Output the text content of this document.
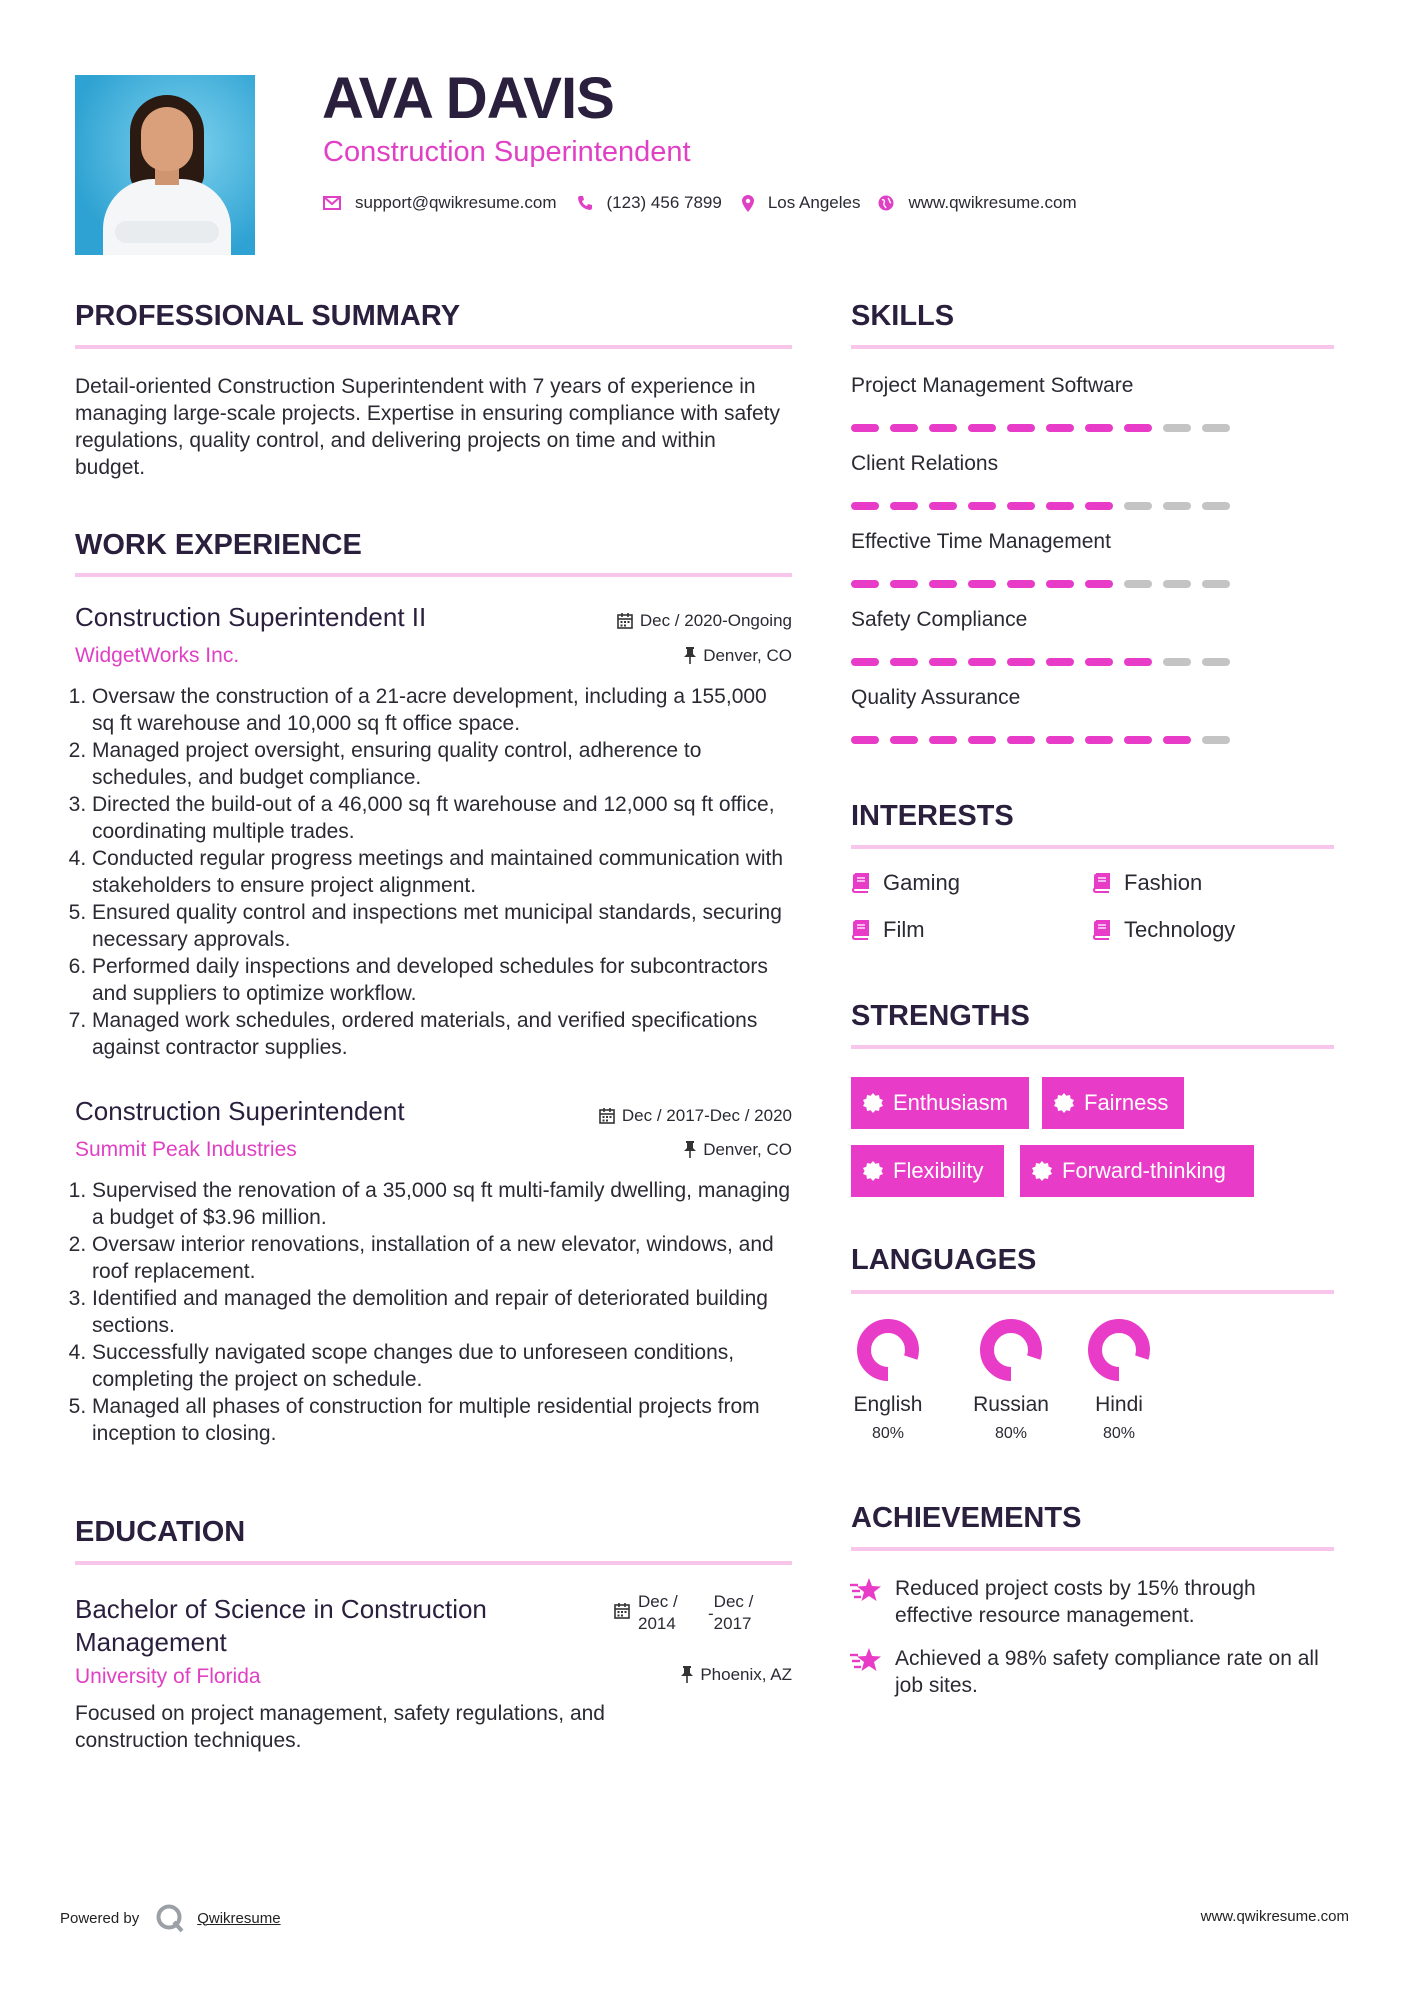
AVA DAVIS
Construction Superintendent
support@qwikresume.com	(123) 456 7899	Los Angeles	www.qwikresume.com
PROFESSIONAL SUMMARY
Detail-oriented Construction Superintendent with 7 years of experience in managing large-scale projects. Expertise in ensuring compliance with safety regulations, quality control, and delivering projects on time and within budget.
WORK EXPERIENCE
Construction Superintendent II	Dec / 2020-Ongoing
WidgetWorks Inc.	Denver, CO
1. Oversaw the construction of a 21-acre development, including a 155,000 sq ft warehouse and 10,000 sq ft office space.
2. Managed project oversight, ensuring quality control, adherence to schedules, and budget compliance.
3. Directed the build-out of a 46,000 sq ft warehouse and 12,000 sq ft office, coordinating multiple trades.
4. Conducted regular progress meetings and maintained communication with stakeholders to ensure project alignment.
5. Ensured quality control and inspections met municipal standards, securing necessary approvals.
6. Performed daily inspections and developed schedules for subcontractors and suppliers to optimize workflow.
7. Managed work schedules, ordered materials, and verified specifications against contractor supplies.
Construction Superintendent	Dec / 2017-Dec / 2020
Summit Peak Industries	Denver, CO
1. Supervised the renovation of a 35,000 sq ft multi-family dwelling, managing a budget of $3.96 million.
2. Oversaw interior renovations, installation of a new elevator, windows, and roof replacement.
3. Identified and managed the demolition and repair of deteriorated building sections.
4. Successfully navigated scope changes due to unforeseen conditions, completing the project on schedule.
5. Managed all phases of construction for multiple residential projects from inception to closing.
EDUCATION
Bachelor of Science in Construction Management
Dec / 2014
-
Dec / 2017
University of Florida	Phoenix, AZ
Focused on project management, safety regulations, and construction techniques.
SKILLS
Project Management Software
Client Relations
Effective Time Management
Safety Compliance
Quality Assurance
INTERESTS
Gaming	Fashion
Film	Technology
STRENGTHS
Enthusiasm	Fairness
Flexibility	Forward-thinking
LANGUAGES
English
80%
Russian
80%
Hindi
80%
ACHIEVEMENTS
Reduced project costs by 15% through effective resource management.
Achieved a 98% safety compliance rate on all job sites.
Powered by	Qwikresume	www.qwikresume.com
